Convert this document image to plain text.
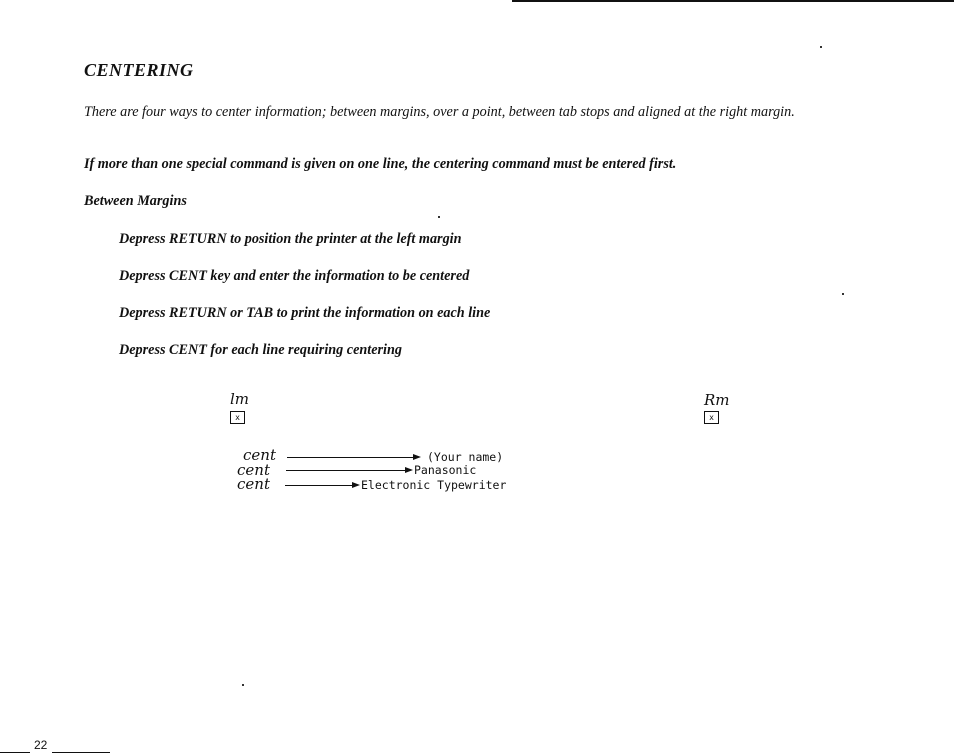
CENTERING
There are four ways to center information; between margins, over a point, between tab stops and aligned at the right margin.
If more than one special command is given on one line, the centering command must be entered first.
Between Margins
Depress RETURN to position the printer at the left margin
Depress CENT key and enter the information to be centered
Depress RETURN or TAB to print the information on each line
Depress CENT for each line requiring centering
lm
x
Rm
x
cent	(Your name)
cent	Panasonic
cent	Electronic Typewriter
22
